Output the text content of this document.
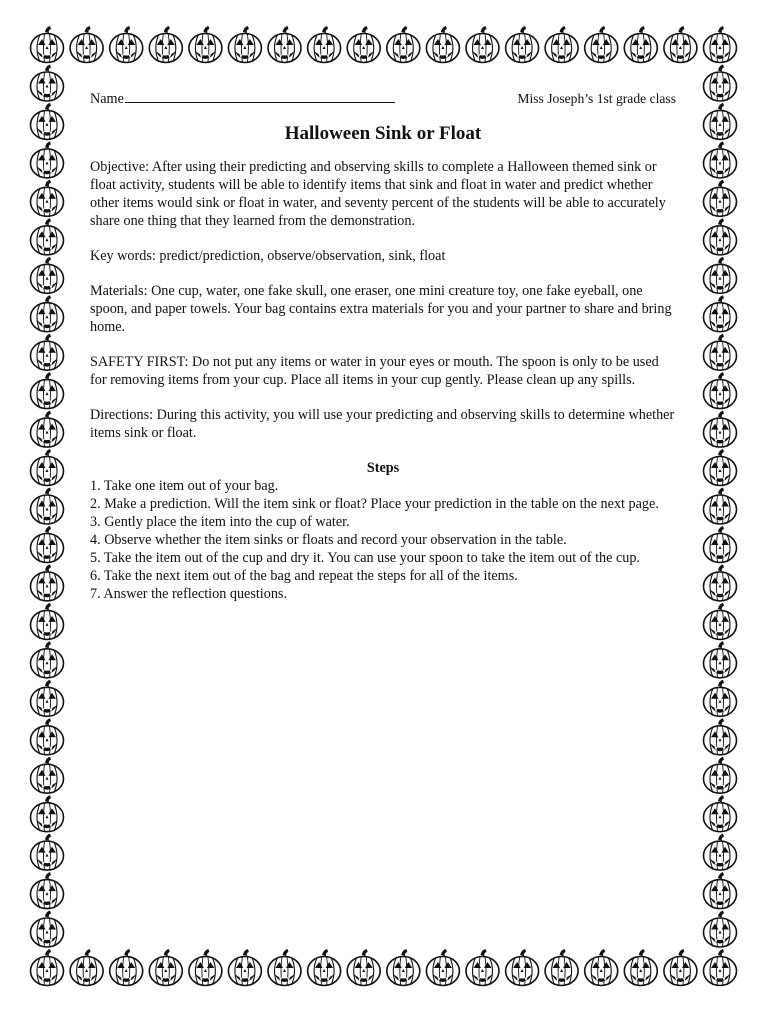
Name	Miss Joseph’s 1st grade class
Halloween Sink or Float

Objective: After using their predicting and observing skills to complete a Halloween themed sink or float activity, students will be able to identify items that sink and float in water and predict whether other items would sink or float in water, and seventy percent of the students will be able to accurately share one thing that they learned from the demonstration.

Key words: predict/prediction, observe/observation, sink, float

Materials: One cup, water, one fake skull, one eraser, one mini creature toy, one fake eyeball, one spoon, and paper towels. Your bag contains extra materials for you and your partner to share and bring home.

SAFETY FIRST: Do not put any items or water in your eyes or mouth. The spoon is only to be used for removing items from your cup. Place all items in your cup gently. Please clean up any spills.

Directions: During this activity, you will use your predicting and observing skills to determine whether items sink or float.

Steps
1. Take one item out of your bag.
2. Make a prediction. Will the item sink or float? Place your prediction in the table on the next page.
3. Gently place the item into the cup of water.
4. Observe whether the item sinks or floats and record your observation in the table.
5. Take the item out of the cup and dry it. You can use your spoon to take the item out of the cup.
6. Take the next item out of the bag and repeat the steps for all of the items.
7. Answer the reflection questions.
